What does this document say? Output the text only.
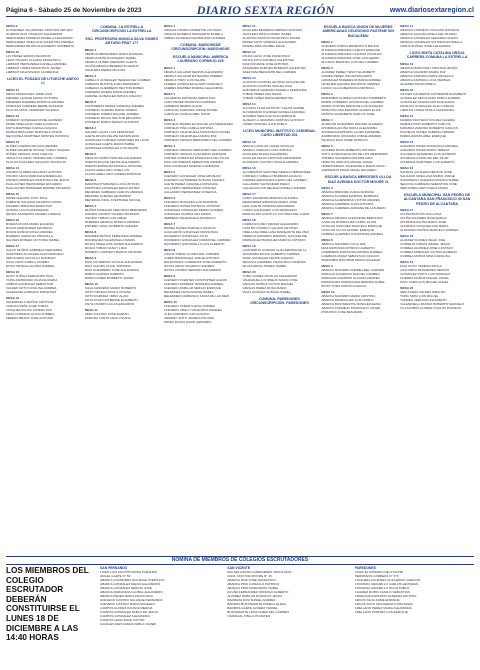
Página 6 - Sábado 25 de Noviembre de 2023	DIARIO SEXTA REGIÓN	www.diariosextaregion.cl
MESA 9
GUTIERREZ VILLARROEL CRISTIAN ARTURO
GUZMAN DIAZ OSVALDO ALEJANDRO
HERNANDEZ MORENO DANIELA ALEJANDRA
HERNANDEZ ORELLANA VALENTINA ANDREA
HERNANDEZ REYES ALEJANDRO HUMBERTO
MESA 10
LAY PEREZ EDSON MAURICIO
LEIVA TOLEDO CLAUDIA FRANCISCA
LIEBSCH HERNANDEZ DANIELA ANDREA
LIEBSCH LOPEZ FRANCISCO JAVIER
LIEBSCH MALDONADO FLORENCIA
LICEO EL POSADO DE LITUECHE ANEXO LI
MESA 11
MENA RODRIGUEZ JAIME IVAN
MENDEZ LEASCE MARIA VICTORIA
MENESES RAMIREZ PATRICIA ANDREA
MORALES CARRERA MERIE SOLEDAD
OLGUIN ASTAL YENNIFER VALESKA
MESA 12
MORENO GONZALEZ ROSE ALFREDO
MORE ORELLANA CAMILA IGNACIA
MOYA MARTINEZ CAMILA IGNACIA
MUÑOZ BRACAMO MURCIELA OTADO
NECOCHEA MARTINEZ KRISTEN PATRICIA
MESA 13
NUÑEZ GUERRA PAULINA ANDREA
NUÑEZ VALIENTE NICOLE YORILY RAQUEL
NUÑEZ VARGAS JUAN CARLOS
ORALLO LLANOS YARNIRA DEL CARMEN
OLGUIN AGUILERA SILVANNY MAURICIO
MESA 14
OSORIO FLORES MILLARAY ANTONIA
OSORIO LEIVA MARIANA ESMERALDA
OSORIO MORALES FRANCISCA DE JESUS
PAILLACHEO HERNANDEZ EDUARDO
PAILLACHEO MOMAREZ ROMINA SOLEDAD
MESA 15
PAVEZ ALEGRIA TONY PAUL
POBLETE SALAZAR MAURICIO DAVID
PIZARRO MIRANDA MARIA PAZ
QUIROZ LAGOS ANNAMARIA
REYES SAAVEDRA JAVIERA LORENA
MESA 16
RIVERA ROJAS MARIA EUGENIA
ROJAS FERNANDEZ MAURICIO
ROJAS MUÑOZ PAOLA ANDREA
ROMERO CARVAJAL PRISCILLA
SALINAS ROBLES VICTORIA ISABEL
MESA 17
SALVO MUÑOZ GABRIELA FERNANDA
SANHUEZA AGUILERA ALAN MARCELO
SEPULVEDA CASTILLO RODRIGO
SILVA TAPIA CAMILA JAVIERA
SOTO ORTEGA GLORIA ANDREA
MESA 18
SOTO ZUÑIGA FERNANDO PAUL
TAPIA ZAMORANO IGNACIA MARIA
URBINA GONZALEZ SEBASTIAN
VALDES SOTO CATALINA ANDREA
VALENZUELA ABARCA MARIA PAZ
MESA 19
VALENZUELA MUÑOZ CRISTIAN
VARGAS PEÑA JOSE TOMAS
VASQUEZ ROJAS JAVIERA PAZ
VEGA CORNEJO ALICIA ANDREA
ZEPEDA BRAVO JOSE ANTONIO
COMUNA: LA ESTRELLA CIRCUNSCRIPCIÓN LA ESTRELLA
ESC. PROFESORA MONICA SILVA GOMEZ ARTURO PRAT 177
MESA 1
ABARCA HERNANDEZ MARIA EUGENIA
ABARCA MUÑOZ ROSARIO ISABEL
ABARCA NUÑEZ GERARDO ALEXIS
ACUÑA ABARCA BENEDICTO EMILIO
AGUILERA PEREZ PAULINA
MESA 2
CABELLO GONZALEZ TERESA DEL CARMEN
CABEZAS BUSTOS JUAN FERNANDO
CABEZAS GUERRERO HECTOR RUBEN
CARRERA RIVERA MARIA ANDREA
CARRIEL GONZALEZ MATIAS IGNACIO
MESA 3
CONTRERAS PEREZ VANESSA ANDREA
CORNEJO GUERRA MARIA JOSEFA
CORNEJO PINEDA RAQUEL ANDREA
CORNEJO ROJAS HECTOR EDUARDO
CORNEJO RUBIO SERGIO ALFONSO
MESA 4
GALVEZ LAGOS LUIS FERNANDO
GAETE ROJAS FELIPE MAXIMILIANO
GONZALEZ CORNEJO MARTINEZ DE LOUR
GONZALEZ GAETE MARIA ISABEL
GONZALEZ GONZALEZ LUIS FELIPE
MESA 5
HIDALGO RUBIO ISIDORA ALEJANDRA
HUERTA DUQUE FELIPE ALEJANDRO
HUERTA ESPINOZA MONICA JOHANNA
LAGOS ARELLANO JOSE LUIS
LAGOS ARELLANO LORENA PATRICIA
MESA 6
MARCHANT MIRANDA LUIS ANTONIO
MARTINEZ GONZALEZ ERICA ESTER
MENESES CABRERA CARLOS ANDRES
MIRANDA GUERRA LEONARDO
MENDOZA VIDAL STEPHANIE NICOLE
MESA 7
MUÑOZ MORALES VERONICA BERNARDA
OSORIO OSORIO VALERIA ROSARIO
OSORIO TOBAR LUIS OMAR
PAREDES ABARCA JESSICA ANDREA
PIZARRO VIDAL ROBERTO ANDRES
MESA 8
RAMIREZ MUÑOZ FERNANDA ANDREA
RODRIGUEZ VALENZUELA MARIO
ROJAS ORELLANA JAVIER ALEJANDRO
ROJAS TOBAR NANCY LIDIA
ROMERO CORNEJO MARCO ANTONIO
MESA 9
RUIZ CISTERNAS VIVIANA ALEJANDRA
RUIZ VALDES LILIAN JOHANNA
RUIZ GUERRERO JOSE ALEJANDRO
RUBIO GUZMAN ALBERTO
RUBIO NUÑEZ ROBERTO JAVIER
MESA 10
SILVA CARREÑO MARIO ROBERTO
SOTO ORTEGA PAOLA VIVIANA
SOTO RAMIREZ JIMMY ALAIN
SOTO RUIZ KATHERINE ELIZABETH
TAPIA OSORIO LUCAS EDUARDO
MESA 11
VERA CASTRO JOSE DAMIAN
ZAMORA CANTILLANA VIVIANA
MESA 1
VARGAS OSORIO MARIETTE VICTORIA
VARGAS ROMERO MARGARITA PAMELA
URBINA FAUNDEZ MAXIMILIANO ANDRES
COMUNA: MARCHIGÜE CIRCUNSCRIPCIÓN: MARCHIGÜE
ESCUELA MUNICIPAL AMERICA LAUREANO CORNEJO 225
MESA 1
ABARCA SALAZAR DENNIS ALEJANDRO
ABARCA SALAZAR ESTEFANIA ANDREA
ABARCA TORO LUIS FELIPE
ACEBES GONZALEZ ALVARO MARCELO
ACEBES RAMIREZ ROMINA ALEJANDRA
MESA 2
CALDERON ESPINOZA SEBASTIAN
CANO PEREZ FRANCISCA ANDREA
CARRERO IBARRA ALICIA
CARVAJAL FUENTES JORGE DANIEL
CARVAJAL ZUÑIGA ABEL DAVID
MESA 3
CORNEJO IBARRA ELIANA DE LAS MERCEDES
CORNEJO PIÑA CAMILA ANTONIA
CORNEJO VALENZUELA FRANCISCO DANIEL
CORNEJO VALENZUELA MARIA PAZ
CORNEJO VARGAS BERNARDO DEL CARMEN
MESA 4
CORNEJO VARGAS FERNANDO DEL CARMEN
CORNEJO VARGAS GUILLERMO ENRIQUE
CORTEZ GONZALEZ FRANCISCA DEL PILAR
DIAZ CONTRERAS SEBASTIAN ANDRES
DIAZ GONZALEZ MARCELO ENRIQUE
MESA 5
ACEVEDO GONZALEZ JOSE ARNALDO
ACEVEDO GUTIERREZ SUSANA TAMARA
GAETE PEREZ GRACIELA ROSAURA
GALLARDO HERNANDEZ CATALINA
GALLARDO HERNANDEZ JOSEFINA
MESA 6
ACEVEDO MORALES LUIS ENRIQUE
ACEVEDO NUÑEZ PATRICIO ANTONIO
GONZALEZ GONZALEZ PEDRO ANDRES
GONZALEZ QUIROZ ANA MARIA
HERRERA VALENZUELA MAURICIO
MESA 7
IBARRA NUÑEZ MARCELA IGNACIA
IGUALADOR GONZALEZ FRANCISCA
IZQUIERDO GONZALEZ JULIO
IZQUIERDO GONZALEZ NOEMI DEL CARMEN
IZQUIERDO QUINTANILLA LUIS ALBERTO
MESA 8
LIZANA TOBAR GLORIA DEL CARMEN
LOPEZ MANRIQUEZ JORGE ANTONIO
MALDONADO CARDENAS JOSE ROBERTO
MATUS ARIAS MAURICIO ANDRES
MATUS OSORIO SERAFIN ALEJANDRO
MESA 9
ACEVEDO PUENTES CRISTOPHER ALEXIS
ACEVEDO RAMIREZ YESSENIA ANDREA
ACEVEDO RUBILAR SERGIO ENRIQUE
MELENDEZ LEIVA ARIANA ISABEL
MELENDEZ CARRASCO SONIA DE LAS MER
MESA 10
ACEVEDO TOBAR CAROL ANDREA
ACEVEDO UBILLO VALENTINA ANDREA
OLEA CORNEJO LUIS IGNACIO
ORMEÑO SOTO JAVIERA PALOMA
PARRA ROJAS DAVID GERARDO
MESA 11
AGUILERA BECERRA HERNAN ANTONIO
AGUILERA MATUS MARIA ISABEL
ALARCON MUÑOZ FRANCISCO JAVIER
PEREZ SOTO VANESSA ALEJANDRA
PINEDA PAVLOS ABEL EDGE
MESA 12
ROJAS LEIVA JOSE FRANCISCO
ROJAS SOTO DANIELA VALENTINA
RUIZ DONAIRE JOSE ANTONIO
SAAVEDRA ZAMORA BARBARA VALENTINA
SAEZ DIAZ BENJAMIN DEL CARMEN
MESA 13
ALARCON QUINTEL ELOTRA JACQUELINE
ALARCON QUINTEL MIGUEL IVAN
ALBORNOZ FERRADA DANIELA FERNANDA
TOBAR PEREZ ANA MARIA
TOBAR YAÑEZ MARIA ERNESTINA
MESA 14
ALCAINO LEIVA ANTHONY ALEXIS ANDRE
ALTAMIRANO FAUNDEZ DANIELA ANDREA
ALVAREZ DEDULOZ JUAN ENRIQUE
ALVEAR LA GRAMMA CRISTIAN GUSTAVO
YAÑEZ VIDAURA JUAN PABLO
LICEO MUNICIPAL INSTITUTO CARDENAL CARO LIBERTAD 401
MESA 15
ABACIA CATALAN YANAE NICOLAS
ABARCA VARGAS LUISA ISIDORA
AGUILERA PALMA ALEJANDRA
AGUILAR SALAZ CRISTIAN ALEJANDRO
ALVARADO CASTRO NICOLE ANDREA
MESA 16
ALTAMIRANO SANCHEZ SERGIO HERNANDEZ
CORNEJO CABELLO BARBARA IGNACIA
CORREA ARRIAGADA CAROL DEL CARMEN
GALLARDO SANTANDER DIEGO
GALLEGUILLOS ZELADA DANIELA ANDREA
MESA 17
CARO SAAVEDRA MARISOL EUGENIA
FERNANDEZ ESPINOZA MARIA JOSE
LEAL GAETE VANESSA MAKARENA
LORCA GALDAMES LUIS FERNANDO
MARCOLINO CASTILLO VICTORIA DEL CARM
MESA 18
CARRASCO REY MIRIAM ALEJANDRO
CASTRO OSORIO CLAUDIO ANTONIO
ORELLANA ORELLANA MARGARITA DEL PER
ORREGO NAVARRO MARISOL JACQUELINE
PARRAGUEZ BORQUEZ MARCIO ANTONIO
MESA 19
QUINTEROS GUZMAN GUILLERMINA DE LA
SAAVEDRA ROJAS ALIBERTO ANDRES
SANZ GONZALEZ FELIPE IGNACIO
SEGOVIA CARRERA FRANCISCA VANESSA
SILVA FARIAS JOSEFA ISABEL
MESA 20
TORO GOMEZ NICOLAS ALEJANDRO
VALENZUELA CORNEJO MARIA JOSE
VARGAS MUÑOZ VICTOR MANUEL
VARGAS PEREZ ROSA MARIA
VIDAL QUIJADA SUSANA ISABEL
COMUNA: PAREDONES CIRCUNSCRIPCIÓN: PAREDONES
ESCUELA BASICA UNION DE MUJERES AMERICANAS CELEDONIO PASTENE S/N BUCALEMU
MESA 1
ACEVEDO FARIAS BENEDICTO BRUNO
AHUMADA MIRANDA CARLOS ENRIQUE
AHUMADA MIRANDA CLAUDIO OSVALDO
AHUMADA MIRANDA JOSE GUILLERMO
ALCAINO MIRANDA LUIS DEL CARMEN
MESA 2
ALVAREZ PEREZ YESNY ELIZABETH
GOMEZ PEREZ OSCAR EDUARDO
GONZALEZ PAREDES ROMANA ANDREA
LETELIER ALEGRIA MAURICIO ANDRES
LORCA ULLOA BERONICA PATRICIA
MESA 3
MARAMBIO GUZMAN CRISTIAN HUMBERTO
MARIN CORDERO GIOVANA DEL CARMEN
MARIN CORTES MARIA DE LOS ANGELES
MOSCOSO MALDONADO ALVARO ELIAS
MUÑOZ NAVARRETE CARLOS JOSE
MESA 4
ALARCON MARAMBIO MANUEL ALFREDO
AHUMADA ACUÑA NURIA ALEJANDRA
AHUMADA ESPINOZA LAURA KATERINE
ZAMBONINO AHUMADA JORGE ANDRES
VALDIVIA DIAZ JAIME PATRICIO
MESA 5
ALVAREZ RIVAS ROBERTO ANTONIO
SOTO GONZALEZ ELISA DE LOS MERCEDES
TORRES SAAVEDRA MAXIMILIANO
URRUTIA URRUTIA MIGUEL ANGEL
URRESTARAZU VALENZUELA MARIA MAULI
ZAMORANO FRIAS ANGEL EDUARDO
ESCUELA BASICA MERCEDES ULLOA DIAZ AVENIDA DOCTOR MOORE 11
MESA 6
ABARCA MIRANDA JUANA ADRIANA
ABARCA ALVAREZ MARISOL BARBARA
ABARCA ALMENDRAS VICTOR ANDRES
ABARCA CARRERA JUAN ANTONIO
ABARCA CARRERA ADRIANA DE LAS MERC
MESA 7
ABARCA ABARCA ALEJANDRA BERONICA
CATALAN RODRIGUEZ CAROL LILIAN
CATALAN SANCHEZ MARCELO ENRIQUE
CATALAN ULLOA LEONEL ENRIQUE
CORREA QUEZADA CONSTANZA ANDREA
MESA 8
ABARCA NAVARRO OLGA IRIS
DIAZ ESPINOZA PATRICIO ALBERTO
GUERRERO ESPINOSA ROMINA ANDREA
GUERRAS PAVEZ SEBASTIAN IGNACIO
MARAMBIO ESCOBAR MARIA SOLEDAD
MESA 9
ABARCA NAVARRO ANDREA DEL CARMEN
MORAGA ALVARADO EVA DEL CARMEN
MORALES NAVARRO CLAUDIA ANDREA
PARRAGUEZ PARRAGUEZ BRENDA ALIBEL
PINTO TORO MATIAS IGNACIO
MESA 10
ABARCA NAVARRO MARIA CRISTINA
ABARCA PARRAGUEZ JUAN PABLO
ABARCA BUSTAMANTE SONIA EUGENIA
ABARCA CORNEJO FRANCISCO JAVIER
PIÑA PINO JOSE BENJAMIN
MESA 11
ABARCA CORNEJO OSVALDO PATRICIO
ABARCA SALINAS ADELA DEL MUNDO
ABARCA GONZALEZ GERARDO ALEXIS
ABARCA GONZALEZ VICTORIA ESTRELLA
URZUA ZUÑIGA JOSE ALEJANDRA
LICEO MIXTA CATALINA URZUA CARRERA COMUNA LA ESTRELLA
MESA 12
ABARCA MARCHANT CRISTIAN IRVING
ABARCA NAVARRO MARIA PAZ
ABARCA ZAMORA DORIS ANGELICA
ABARCA ZAMORA LUCIA HERNAN
ALVAREZ PALMA PABLO
MESA 13
GALVEZ CALDERON KATHERINE ELIZABETH
GONZALEZ SEPULVEDA PABLO ANDRES
GONZALEZ VALDES MATILDE ELENA
HIDALGO GONZALEZ JUAN CARLOS
LIENLAO LOPEZ PAOLA ALEJANDRA
MESA 14
MADRID PACHECO VIVIANA VALERIA
MAMANI PINO ROBERTO CARLOS
MIRANDA ZAMORA ROBERTO CARLOS
PACHECO NUÑEZ SABRINA ANDREA
PARRA ZAPATA ABEL ENRIQUE
MESA 15
ACEVEDO PAVEZ FRANCISCA ANDREA
ACEVEDO PAVEZ MARIA TERESA
AGUILERA SAAVEDRA LUIS ALFREDO
AHUMADA CAROLINA DEL PILAR
AHUMADA MARTINEZ LUIS ALBERTO
MESA 16
SALDIAS AGUILERA NELSON JOSE
SALGADO ORELLANA MARIO JORGE
SAMANIEGO QUEZADA MONICA ISABEL
SEGOVIA CARRERA SEBASTIAN JOSE
SEPULVEDA SEPULVEDA MARIA
ESCUELA MUNICIPAL SAN PEDRO DE ALCANTARA SAN FRANCISCO 40 SAN PEDRO DE ALCANTARA
MESA 17
ACUÑA BASTIAS ANA LUISA
ACUÑA FAUNDEZ ROSA EMILIA
AHUMADA ACUÑA MARIA JOSE
AHUMADA VASQUEZ ANA MARIA
ALVARADO MUÑOZ MARCELO ANDRES
MESA 18
ALVAREZ FLORES ISAAC JOEL
CORNEJO FARIAS ISMAEL JESUS
CORREA FAUNDEZ JOSE GUSTAVO
CORREA MORALES VICTOR ALFREDO
CORREA MUÑOZ NINA CAROLINA
MESA 19
DIAZ SOTO YESENIA PAOLA
GALLARDO MONARDES RENATO
GONZALEZ PINTO LUIS RODRIGO
GUERRA MUÑOZ MIGUEL ANGEL
PINO CABALLOS MIGUEL ANGEL
MESA 20
SEPULVEDA VALDES NIBALDO
TAPIA TAPIA LUIS MIGUEL
TORRES VERGARA ELIZABETH
VALENZUELA MUÑOZ ROBERTO MARCELO
VILLALOBOS FLORES CARLOS PATRICIO
NÓMINA DE MIEMBROS DE COLEGIOS ESCRUTADORES
LOS MIEMBROS DEL COLEGIO ESCRUTADOR DEBERÁN CONSTITUIRSE EL LUNES 18 DE DICIEMBRE A LAS 14:40 HORAS
SAN FERNANDO
LICEO LUIS AGUSTÍN ROSA 8 ABANDA
ÁNGEL GAETE N° 59
ABARCA CHAMORRA SOLANGE STEPHANY
ABARCA GONZALEZ DIEGO ALEJANDRO
ABARCA GONZALEZ SERGIO JOSE
ABARCA MARIANDIA GLOBAL ALEJANDRO
ABARCA PEREZ MARIA FRANCISCA
ACEVEDO CASTRO SOLANGE FERNANDA
ACEVEDO CASTRO MARIA ANGELES
CAMPOS FLORES DAYANA MEDINA
CAMPOS GONZALEZ PABLO DE JESUS
CAMPOS GONZALEZ ALEJANDRA
CAMPOS LEON ARCE VICTOR
CANALES SEPULVEDA PABLO JAVIER
SAN VICENTE
ESCUELA BÁSICA MERCEDES URZÚA DÍAZ
AVDA. DOCTOR MOORE N° 15
ABARCA DIAZ JOSE FRANCISCO
ABARCA PINO GONZALO PATRICIO
ABARCA PINO MARGARITA ISABEL
ACUÑA FERNANDEZ RODRIGO ALBERTO
ALVAREZ RUBILAR RODOLFO JESUS
BARRAZA RUIZ DANIEL ANDRES
BARROS BUSTAMANTE PAMELA ELENA
BARROS GAETE JAVIERA YESSEL
BUSTAMANTE LEIVA NURIA DEL CARMEN
CARVAJAL PIÑA LUIS MATEO
PAREDONES
LICEO EL ROSARIO DE LITUCHE
HERMANOS CARRERA N° 370
AGUILERA AGUILERA GUILLERMO GREGOR
AHUMADA JARAMILLO CARLOS LEONIDAS
AHUMADA JARAMILLO HUGO PABLO
ALVAREZ RUBIO CAMILO SEBASTIAN
ARANGUIZ ESPINOZA VANESSA ANTONIA
ARCOS SILVA JAIME ENRIQUE
ARCOS SOTO MACARENA CONSTANZA
ARELLANO PEREZ MARIA ALEJANDRA
ARELLANO ZAMORA LUIS ENRIQUE
